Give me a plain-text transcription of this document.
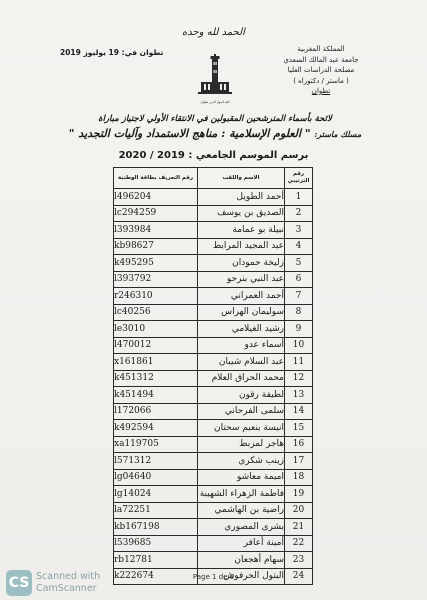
الحمد لله وحده
المملكة المغربية
جامعة عبد المالك السعدي
مصلحة الدراسات العليا
( ماستر / دكتوراه )
تطوان
تطوان في: 19 يوليوز 2019
كلية أصول الدين تطوان
لائحة بأسماء المترشحين المقبولين في الانتقاء الأولي لاجتياز مباراة
مسلك ماستر: " العلوم الإسلامية : مناهج الاستمداد وآليات التجديد "
برسم الموسم الجامعي : 2019 / 2020
رقم الترتيبي	الاسم واللقب	رقم التعريف بطاقة الوطنية
1	أحمد الطويل	l496204
2	الصديق بن يوسف	lc294259
3	نبيلة بو عمامة	l393984
4	عبد المجيد المرابط	kb98627
5	زليخة حمودان	k495295
6	عبد النبي بنرحو	l393792
7	أحمد العمراني	r246310
8	سوليمان الهراس	lc40256
9	رشيد الغيلامي	le3010
10	أسماء عدو	l470012
11	عبد السلام شيبان	x161861
12	محمد الحراق العلام	k451312
13	لطيفة رقون	k451494
14	سلمى الفرحاني	l172066
15	انيسة بنعبم سحتان	k492594
16	هاجر لمربط	xa119705
17	زينب شكري	l571312
18	اميمة معاشو	lg04640
19	فاطمة الزهراء الشهيبة	lg14024
20	راضية بن الهاشمي	la72251
21	بشرى المصوري	kb167198
22	أمينة أعافر	l539685
23	سهام أهجعان	rb12781
24	البتول الحرفوش	k222674	Page 1 de 5
CS Scanned with
CamScanner
